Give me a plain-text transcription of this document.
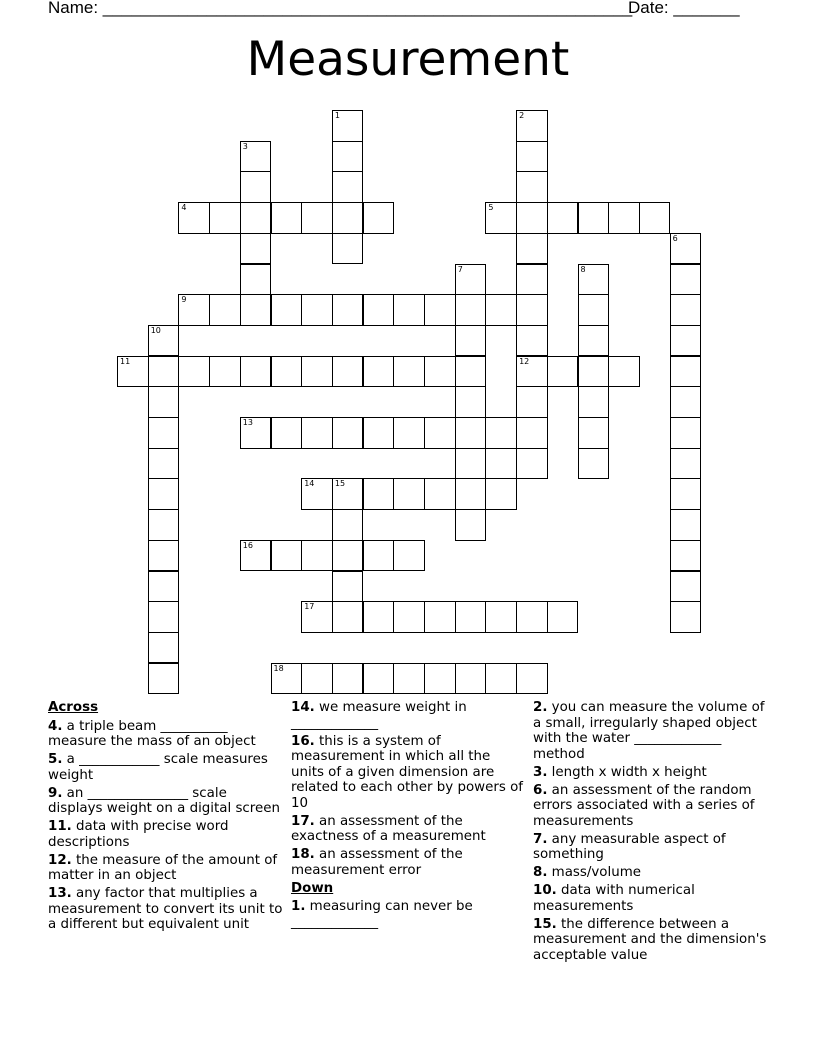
Name: ________________________________________________________
Date: _______
Measurement
1	2
3
4	5
6
7	8
9
10
11	12
13
14	15
16
17
18
Across
4. a triple beam __________ measure the mass of an object
5. a ____________ scale measures weight
9. an _______________ scale displays weight on a digital screen
11. data with precise word descriptions
12. the measure of the amount of matter in an object
13. any factor that multiplies a measurement to convert its unit to a different but equivalent unit
14. we measure weight in _____________
16. this is a system of measurement in which all the units of a given dimension are related to each other by powers of 10
17. an assessment of the exactness of a measurement
18. an assessment of the measurement error
Down
1. measuring can never be _____________
2. you can measure the volume of a small, irregularly shaped object with the water _____________ method
3. length x width x height
6. an assessment of the random errors associated with a series of measurements
7. any measurable aspect of something
8. mass/volume
10. data with numerical measurements
15. the difference between a measurement and the dimension's acceptable value
